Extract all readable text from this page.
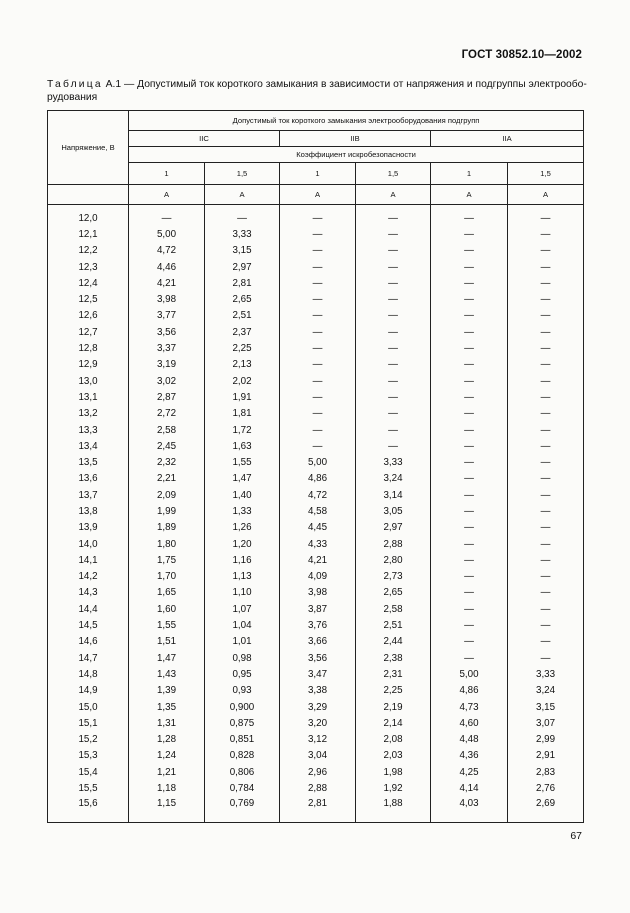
ГОСТ 30852.10—2002
Таблица А.1 — Допустимый ток короткого замыкания в зависимости от напряжения и подгруппы электрообо-рудования
Напряжение, В	Допустимый ток короткого замыкания электрооборудования подгрупп					
	IIC		IIB		IIA	
	Коэффициент искробезопасности					
	1	1,5	1	1,5	1	1,5
	А	А	А	А	А	А
12,0	—	—	—	—	—	—
12,1	5,00	3,33	—	—	—	—
12,2	4,72	3,15	—	—	—	—
12,3	4,46	2,97	—	—	—	—
12,4	4,21	2,81	—	—	—	—
12,5	3,98	2,65	—	—	—	—
12,6	3,77	2,51	—	—	—	—
12,7	3,56	2,37	—	—	—	—
12,8	3,37	2,25	—	—	—	—
12,9	3,19	2,13	—	—	—	—
13,0	3,02	2,02	—	—	—	—
13,1	2,87	1,91	—	—	—	—
13,2	2,72	1,81	—	—	—	—
13,3	2,58	1,72	—	—	—	—
13,4	2,45	1,63	—	—	—	—
13,5	2,32	1,55	5,00	3,33	—	—
13,6	2,21	1,47	4,86	3,24	—	—
13,7	2,09	1,40	4,72	3,14	—	—
13,8	1,99	1,33	4,58	3,05	—	—
13,9	1,89	1,26	4,45	2,97	—	—
14,0	1,80	1,20	4,33	2,88	—	—
14,1	1,75	1,16	4,21	2,80	—	—
14,2	1,70	1,13	4,09	2,73	—	—
14,3	1,65	1,10	3,98	2,65	—	—
14,4	1,60	1,07	3,87	2,58	—	—
14,5	1,55	1,04	3,76	2,51	—	—
14,6	1,51	1,01	3,66	2,44	—	—
14,7	1,47	0,98	3,56	2,38	—	—
14,8	1,43	0,95	3,47	2,31	5,00	3,33
14,9	1,39	0,93	3,38	2,25	4,86	3,24
15,0	1,35	0,900	3,29	2,19	4,73	3,15
15,1	1,31	0,875	3,20	2,14	4,60	3,07
15,2	1,28	0,851	3,12	2,08	4,48	2,99
15,3	1,24	0,828	3,04	2,03	4,36	2,91
15,4	1,21	0,806	2,96	1,98	4,25	2,83
15,5	1,18	0,784	2,88	1,92	4,14	2,76
15,6	1,15	0,769	2,81	1,88	4,03	2,69
67
